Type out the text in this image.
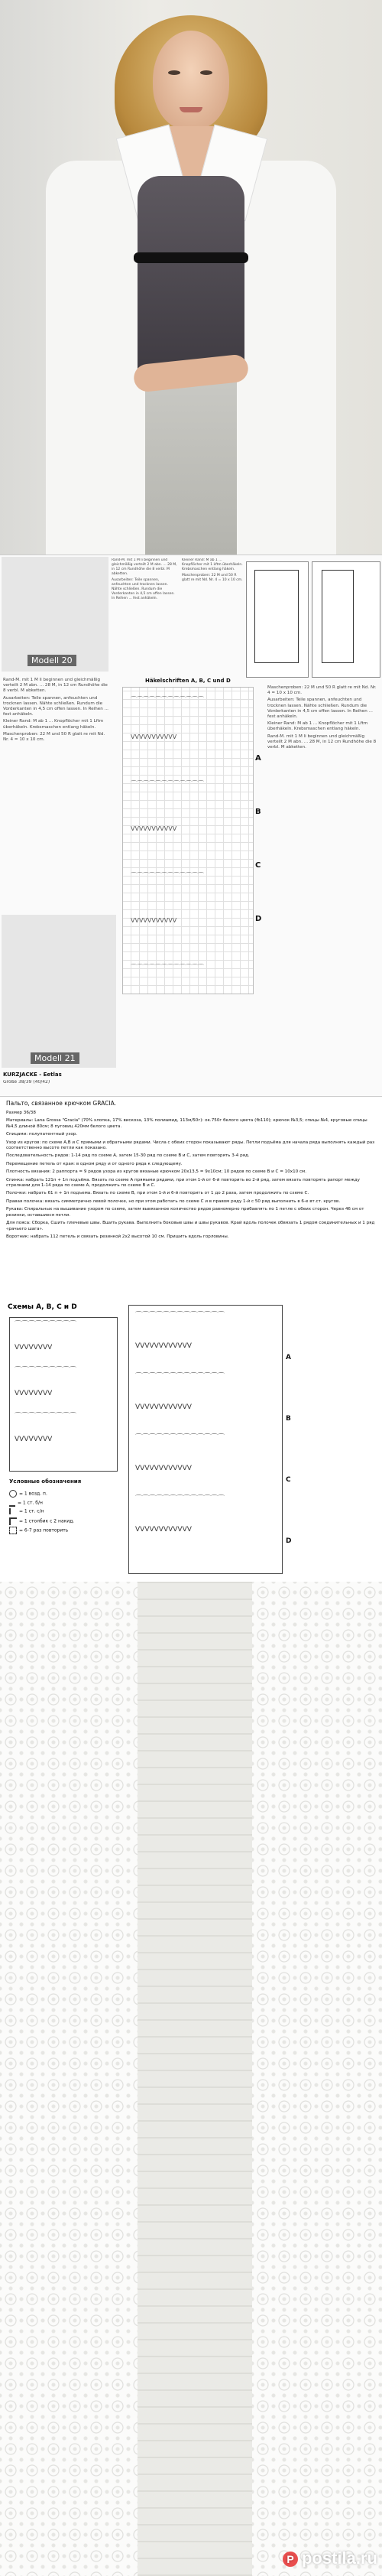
Modell 20

Rand-M. mit 1 M li beginnen und gleichmäßig verteilt 2 M abn. ... 28 M, in 12 cm Rundhöhe die 8 verbl. M abketten.

Ausarbeiten: Teile spannen, anfeuchten und trocknen lassen. Nähte schließen. Rundum die Vorderkanten in 4,5 cm offen lassen. In Reihen ... fest anhäkeln.

Kleiner Rand: M ab 1 ... Knopflöcher mit 1 Lftm überhäkeln. Krebsmaschen entlang häkeln.

Maschenproben: 22 M und 50 R glatt re mit Nd. Nr. 4 = 10 x 10 cm.

Rand-M. mit 1 M li beginnen und gleichmäßig verteilt 2 M abn. ... 28 M, in 12 cm Rundhöhe die 8 verbl. M abketten.

Ausarbeiten: Teile spannen, anfeuchten und trocknen lassen. Nähte schließen. Rundum die Vorderkanten in 4,5 cm offen lassen. In Reihen ... fest anhäkeln.

Kleiner Rand: M ab 1 ... Knopflöcher mit 1 Lftm überhäkeln. Krebsmaschen entlang häkeln.

Maschenproben: 22 M und 50 R glatt re mit Nd. Nr. 4 = 10 x 10 cm.

Häkelschriften A, B, C und D
⌒⌒⌒⌒⌒⌒⌒⌒⌒⌒⌒⌒
ⅤⅤⅤⅤⅤⅤⅤⅤⅤⅤⅤ
⌒⌒⌒⌒⌒⌒⌒⌒⌒⌒⌒⌒
ⅤⅤⅤⅤⅤⅤⅤⅤⅤⅤⅤ
⌒⌒⌒⌒⌒⌒⌒⌒⌒⌒⌒⌒
ⅤⅤⅤⅤⅤⅤⅤⅤⅤⅤⅤ
⌒⌒⌒⌒⌒⌒⌒⌒⌒⌒⌒⌒
A
B
C
D

Maschenproben: 22 M und 50 R glatt re mit Nd. Nr. 4 = 10 x 10 cm.

Ausarbeiten: Teile spannen, anfeuchten und trocknen lassen. Nähte schließen. Rundum die Vorderkanten in 4,5 cm offen lassen. In Reihen ... fest anhäkeln.

Kleiner Rand: M ab 1 ... Knopflöcher mit 1 Lftm überhäkeln. Krebsmaschen entlang häkeln.

Rand-M. mit 1 M li beginnen und gleichmäßig verteilt 2 M abn. ... 28 M, in 12 cm Rundhöhe die 8 verbl. M abketten.

Modell 21
KURZJACKE - Eetlas
Größe 38/39 (40/42)
Пальто, связанное крючком GRACIA.

Размер 36/38

Материалы: Lana Grossa "Gracia" (70% хлопка, 17% вискоза, 13% полиамид, 113м/50г): ок.750г белого цвета (fb110); крючок №3,5; спицы №4, круговые спицы №4,5 длиной 80см; 8 пуговиц 420мм белого цвета.

Спицами: полупатентный узор.

Узор из кругов: по схеме А,В и С прямыми и обратными рядами. Числа с обеих сторон показывают ряды. Петли подъёма для начала ряда выполнять каждый раз соответственно высоте петли как показано.

Последовательность рядов: 1-14 ряд по схеме А, затем 15-30 ряд по схеме В и С, затем повторять 3-4 ряд.

Перемещение петель от края: в одном ряду и от одного ряда к следующему.

Плотность вязания: 2 раппорта = 9 рядов узора из кругов вязаные крючком 20х13,5 = 9х10см; 10 рядов по схеме В и С = 10х10 см.

Спинка: набрать 121п + 1п подъёма. Вязать по схеме A прямыми рядами, при этом 1-й от 6-й повторить во 2-й ряд, затем вязать повторять рапорт между стрелками для 1-14 ряда по схеме А, продолжить по схеме В и С.

Полочки: набрать 61 п + 1п подъема. Вязать по схеме В, при этом 1-й и 6-й повторить от 1 до 2 раза, затем продолжить по схеме С.

Правая полочка: вязать симметрично левой полочке, но при этом работать по схеме С и в правом ряду 1-й с 50 ряд выполнить в 6-е вт.ст. кругов.

Рукава: Спиральных на вышивание узором по схеме, затем вывязанное количество рядов равномерно прибавлять по 1 петле с обеих сторон. Через 46 см от резинки, оставшиеся петли.

Для пояса: Сборка, Сшить плечевые швы. Вшить рукава. Выполнить боковые швы и швы рукавов. Край вдоль полочек обвязать 1 рядом соединительных и 1 ряд «рачьего шага».

Воротник: набрать 112 петель и связать резинкой 2х2 высотой 10 см. Пришить вдоль горловины.

Схемы А, В, С и D
⌒⌒⌒⌒⌒⌒⌒⌒⌒
ⅤⅤⅤⅤⅤⅤⅤⅤ
⌒⌒⌒⌒⌒⌒⌒⌒⌒
ⅤⅤⅤⅤⅤⅤⅤⅤ
⌒⌒⌒⌒⌒⌒⌒⌒⌒
ⅤⅤⅤⅤⅤⅤⅤⅤ
⌒⌒⌒⌒⌒⌒⌒⌒⌒⌒⌒⌒⌒
ⅤⅤⅤⅤⅤⅤⅤⅤⅤⅤⅤⅤ
⌒⌒⌒⌒⌒⌒⌒⌒⌒⌒⌒⌒⌒
ⅤⅤⅤⅤⅤⅤⅤⅤⅤⅤⅤⅤ
⌒⌒⌒⌒⌒⌒⌒⌒⌒⌒⌒⌒⌒
ⅤⅤⅤⅤⅤⅤⅤⅤⅤⅤⅤⅤ
⌒⌒⌒⌒⌒⌒⌒⌒⌒⌒⌒⌒⌒
ⅤⅤⅤⅤⅤⅤⅤⅤⅤⅤⅤⅤ
A
B
C
D
Условные обозначения
= 1 возд. п.
= 1 ст. б/н
= 1 ст. с/н
= 1 столбик с 2 накид.
= 6-7 раз повторить
P postila.ru
